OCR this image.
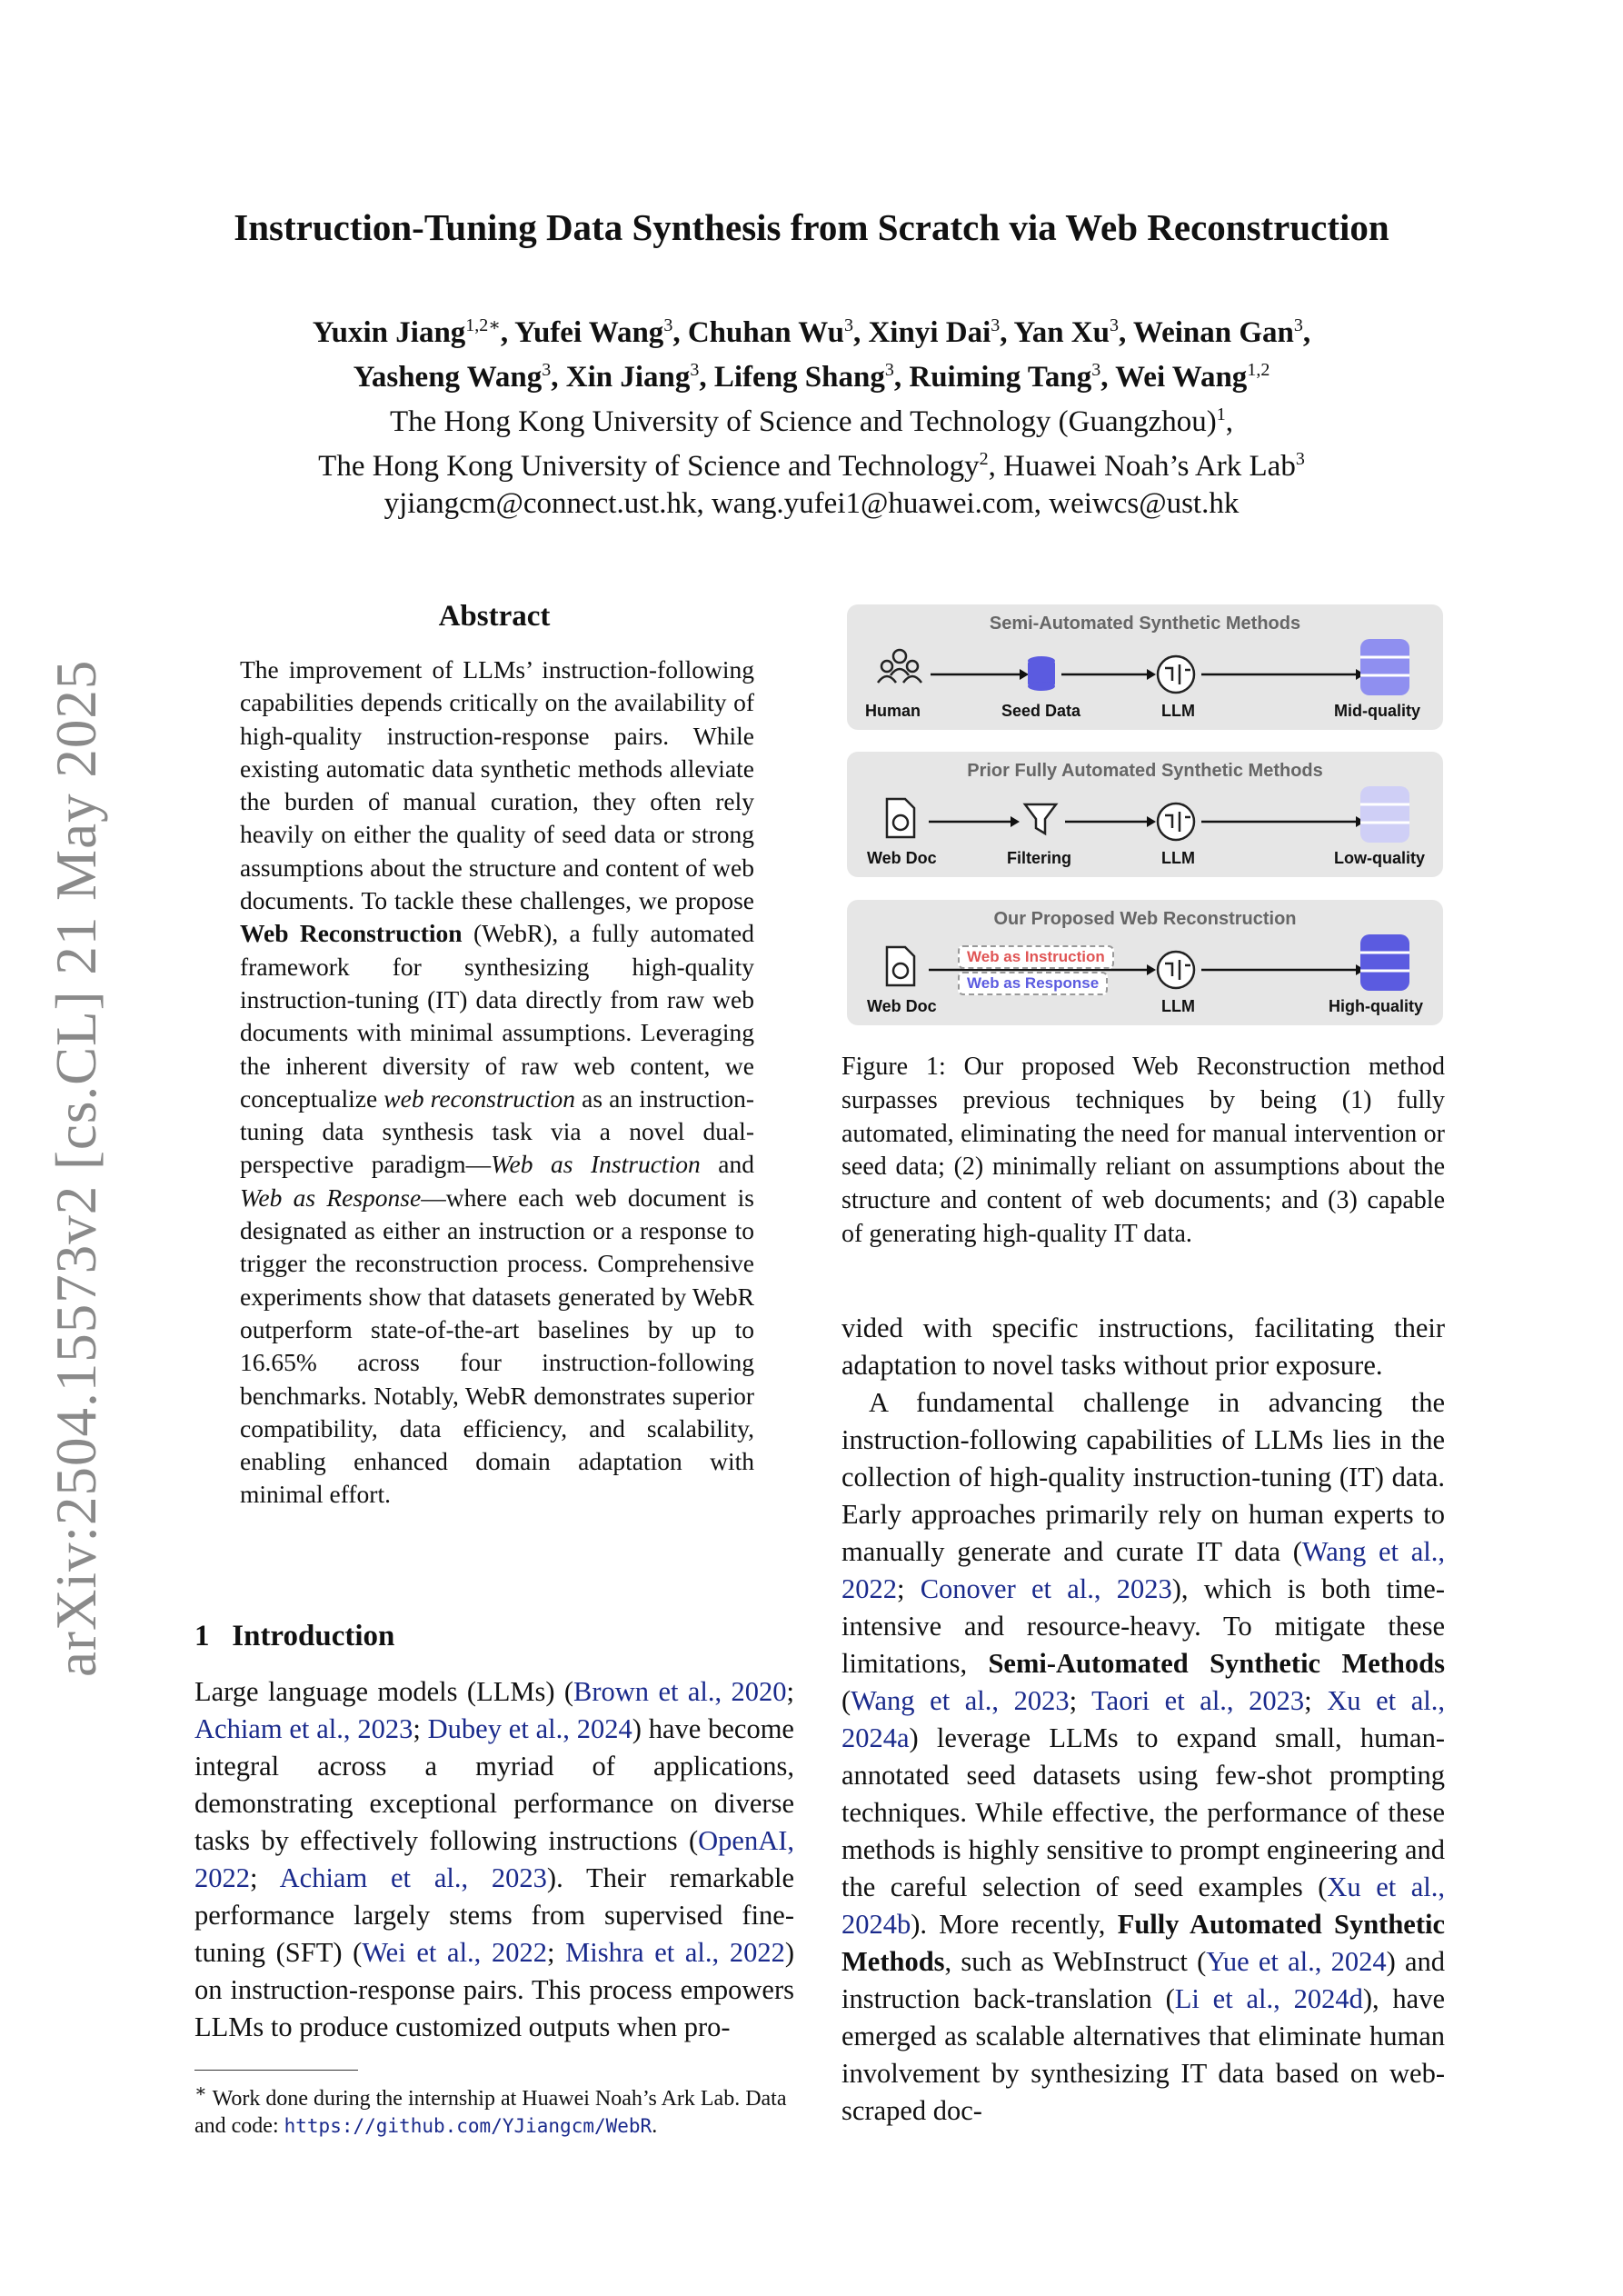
arXiv:2504.15573v2 [cs.CL] 21 May 2025
Instruction-Tuning Data Synthesis from Scratch via Web Reconstruction
Yuxin Jiang$^{1,2∗}$, Yufei Wang$^3$, Chuhan Wu$^3$, Xinyi Dai$^3$, Yan Xu$^3$, Weinan Gan$^3$,
Yasheng Wang$^3$, Xin Jiang$^3$, Lifeng Shang$^3$, Ruiming Tang$^3$, Wei Wang$^{1,2}$
The Hong Kong University of Science and Technology (Guangzhou)$^1$,
The Hong Kong University of Science and Technology$^2$, Huawei Noah’s Ark Lab$^3$
yjiangcm@connect.ust.hk, wang.yufei1@huawei.com, weiwcs@ust.hk
Abstract
The improvement of LLMs’ instruction-following capabilities depends critically on the availability of high-quality instruction-response pairs. While existing automatic data synthetic methods alleviate the burden of manual curation, they often rely heavily on either the quality of seed data or strong assumptions about the structure and content of web documents. To tackle these challenges, we propose Web Reconstruction (WebR), a fully automated framework for synthesizing high-quality instruction-tuning (IT) data directly from raw web documents with minimal assumptions. Leveraging the inherent diversity of raw web content, we conceptualize web reconstruction as an instruction-tuning data synthesis task via a novel dual-perspective paradigm—Web as Instruction and Web as Response—where each web document is designated as either an instruction or a response to trigger the reconstruction process. Comprehensive experiments show that datasets generated by WebR outperform state-of-the-art baselines by up to 16.65% across four instruction-following benchmarks. Notably, WebR demonstrates superior compatibility, data efficiency, and scalability, enabling enhanced domain adaptation with minimal effort.
1   Introduction

Large language models (LLMs) (Brown et al., 2020; Achiam et al., 2023; Dubey et al., 2024) have become integral across a myriad of applications, demonstrating exceptional performance on diverse tasks by effectively following instructions (OpenAI, 2022; Achiam et al., 2023). Their remarkable performance largely stems from supervised fine-tuning (SFT) (Wei et al., 2022; Mishra et al., 2022) on instruction-response pairs. This process empowers LLMs to produce customized outputs when pro-

∗ Work done during the internship at Huawei Noah’s Ark Lab. Data and code: https://github.com/YJiangcm/WebR.
Semi-Automated Synthetic Methods
Human	Seed Data	LLM	Mid-quality
Prior Fully Automated Synthetic Methods
Web Doc	Filtering	LLM	Low-quality
Our Proposed Web Reconstruction
Web as Instruction
Web as Response
Web Doc	LLM	High-quality
Figure 1: Our proposed Web Reconstruction method surpasses previous techniques by being (1) fully automated, eliminating the need for manual intervention or seed data; (2) minimally reliant on assumptions about the structure and content of web documents; and (3) capable of generating high-quality IT data.

vided with specific instructions, facilitating their adaptation to novel tasks without prior exposure.

A fundamental challenge in advancing the instruction-following capabilities of LLMs lies in the collection of high-quality instruction-tuning (IT) data. Early approaches primarily rely on human experts to manually generate and curate IT data (Wang et al., 2022; Conover et al., 2023), which is both time-intensive and resource-heavy. To mitigate these limitations, Semi-Automated Synthetic Methods (Wang et al., 2023; Taori et al., 2023; Xu et al., 2024a) leverage LLMs to expand small, human-annotated seed datasets using few-shot prompting techniques. While effective, the performance of these methods is highly sensitive to prompt engineering and the careful selection of seed examples (Xu et al., 2024b). More recently, Fully Automated Synthetic Methods, such as WebInstruct (Yue et al., 2024) and instruction back-translation (Li et al., 2024d), have emerged as scalable alternatives that eliminate human involvement by synthesizing IT data based on web-scraped doc-
